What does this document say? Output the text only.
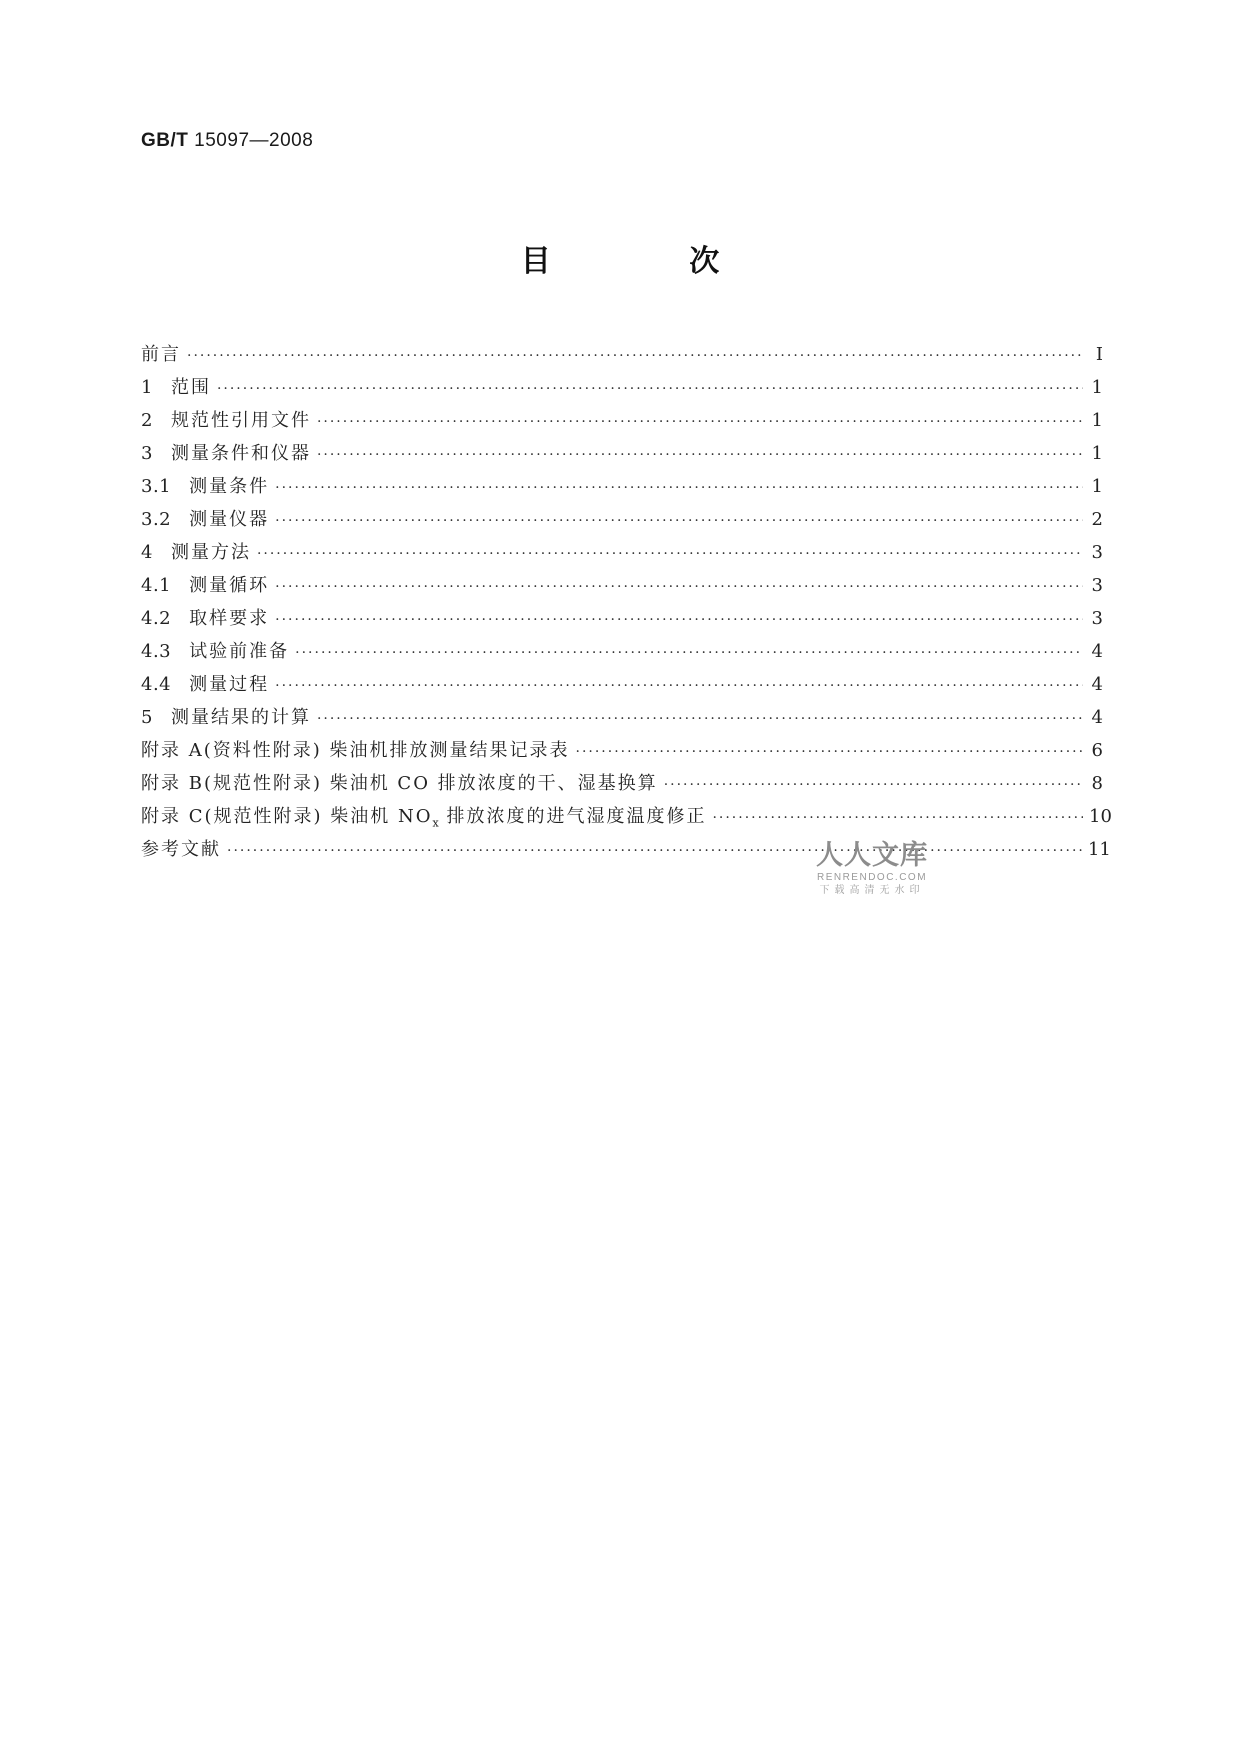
GB/T 15097—2008
目 次
前言 ·····	Ⅰ
1 范围 ·····	1
2 规范性引用文件 ·····	1
3 测量条件和仪器 ·····	1
3.1 测量条件 ·····	1
3.2 测量仪器 ·····	2
4 测量方法 ·····	3
4.1 测量循环 ·····	3
4.2 取样要求 ·····	3
4.3 试验前准备 ·····	4
4.4 测量过程 ·····	4
5 测量结果的计算 ·····	4
附录 A(资料性附录) 柴油机排放测量结果记录表 ·····	6
附录 B(规范性附录) 柴油机 CO 排放浓度的干、湿基换算 ·····	8
附录 C(规范性附录) 柴油机 $NO_x$ 排放浓度的进气湿度温度修正 ·····	10
参考文献 ·····	11
人人文库
RENRENDOC.COM
下载高清无水印
